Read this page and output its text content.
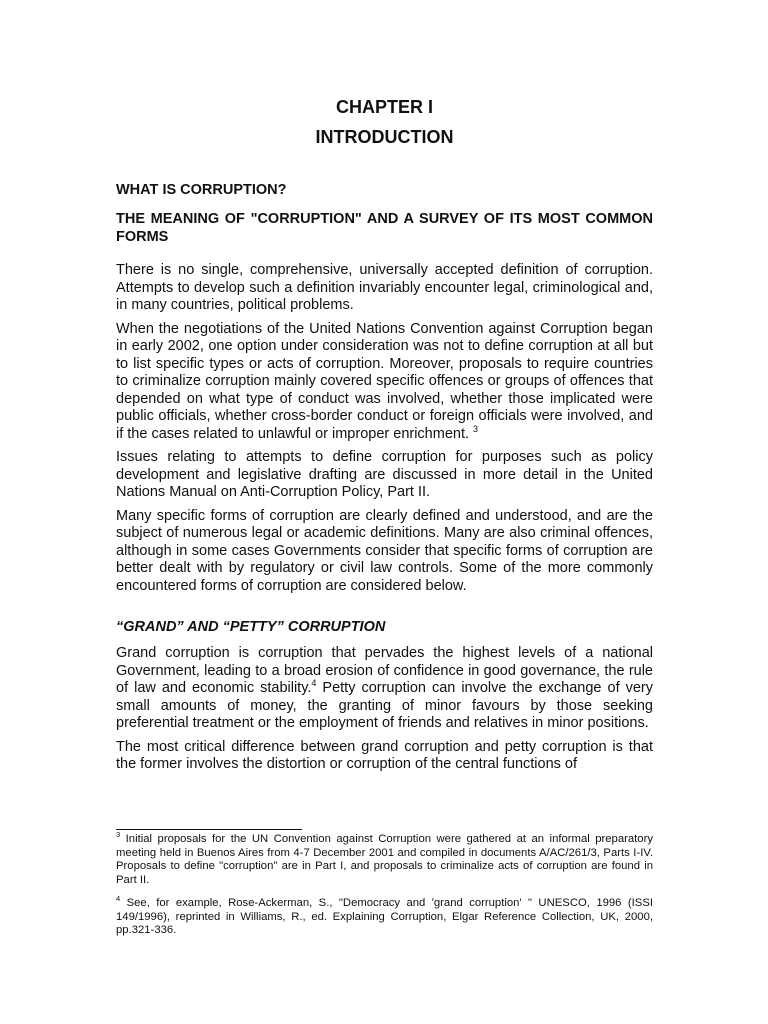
CHAPTER I
INTRODUCTION
WHAT IS CORRUPTION?
THE MEANING OF "CORRUPTION" AND A SURVEY OF ITS MOST COMMON FORMS

There is no single, comprehensive, universally accepted definition of corruption. Attempts to develop such a definition invariably encounter legal, criminological and, in many countries, political problems.

When the negotiations of the United Nations Convention against Corruption began in early 2002, one option under consideration was not to define corruption at all but to list specific types or acts of corruption. Moreover, proposals to require countries to criminalize corruption mainly covered specific offences or groups of offences that depended on what type of conduct was involved, whether those implicated were public officials, whether cross-border conduct or foreign officials were involved, and if the cases related to unlawful or improper enrichment. $^3$

Issues relating to attempts to define corruption for purposes such as policy development and legislative drafting are discussed in more detail in the United Nations Manual on Anti-Corruption Policy, Part II.

Many specific forms of corruption are clearly defined and understood, and are the subject of numerous legal or academic definitions. Many are also criminal offences, although in some cases Governments consider that specific forms of corruption are better dealt with by regulatory or civil law controls. Some of the more commonly encountered forms of corruption are considered below.

“GRAND” AND “PETTY” CORRUPTION

Grand corruption is corruption that pervades the highest levels of a national Government, leading to a broad erosion of confidence in good governance, the rule of law and economic stability.$^4$ Petty corruption can involve the exchange of very small amounts of money, the granting of minor favours by those seeking preferential treatment or the employment of friends and relatives in minor positions.

The most critical difference between grand corruption and petty corruption is that the former involves the distortion or corruption of the central functions of

$^3$ Initial proposals for the UN Convention against Corruption were gathered at an informal preparatory meeting held in Buenos Aires from 4-7 December 2001 and compiled in documents A/AC/261/3, Parts I-IV. Proposals to define "corruption" are in Part I, and proposals to criminalize acts of corruption are found in Part II.

$^4$ See, for example, Rose-Ackerman, S., "Democracy and 'grand corruption' " UNESCO, 1996 (ISSI 149/1996), reprinted in Williams, R., ed. Explaining Corruption, Elgar Reference Collection, UK, 2000, pp.321-336.
